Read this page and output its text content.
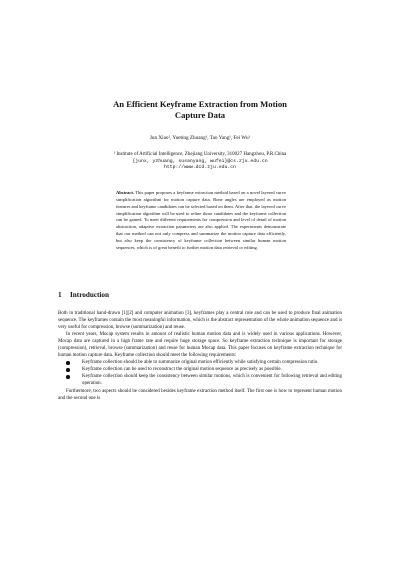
An Efficient Keyframe Extraction from Motion
Capture Data
Jun Xiao¹, Yueting Zhuang¹, Tao Yang¹, Fei Wu¹
¹ Institute of Artificial Intelligence, Zhejiang University, 310027 Hangzhou, P.R.China
{junx, yzhuang, susanyang, wufei}@cs.zju.edu.cn
http://www.dcd.zju.edu.cn

Abstract. This paper proposes a keyframe extraction method based on a novel layered curve simplification algorithm for motion capture data. Bone angles are employed as motion features and keyframe candidates can be selected based on them. After that, the layered curve simplification algorithm will be used to refine those candidates and the keyframe collection can be gained. To meet different requirements for compression and level of detail of motion abstraction, adaptive extraction parameters are also applied. The experiments demonstrate that our method can not only compress and summarize the motion capture data efficiently, but also keep the consistency of keyframe collection between similar human motion sequences, which is of great benefit to further motion data retrieval or editing.

1 Introduction

Both in traditional hand-drawn [1][2] and computer animation [3], keyframes play a central role and can be used to produce final animation sequence. The keyframes contain the most meaningful information, which is the abstract representation of the whole animation sequence and is very useful for compression, browse (summarization) and reuse.

In recent years, Mocap system results in amount of realistic human motion data and is widely used in various applications. However, Mocap data are captured in a high frame rate and require huge storage space. So keyframe extraction technique is important for storage (compression), retrieval, browse (summarization) and reuse for human Mocap data. This paper focuses on keyframe extraction technique for human motion capture data. Keyframe collection should meet the following requirements:

Keyframe collection should be able to summarize original motion efficiently while satisfying certain compression ratio.
Keyframe collection can be used to reconstruct the original motion sequence as precisely as possible.
Keyframe collection should keep the consistency between similar motions, which is convenient for following retrieval and editing operation.

Furthermore, two aspects should be considered besides keyframe extraction method itself. The first one is how to represent human motion and the second one is
